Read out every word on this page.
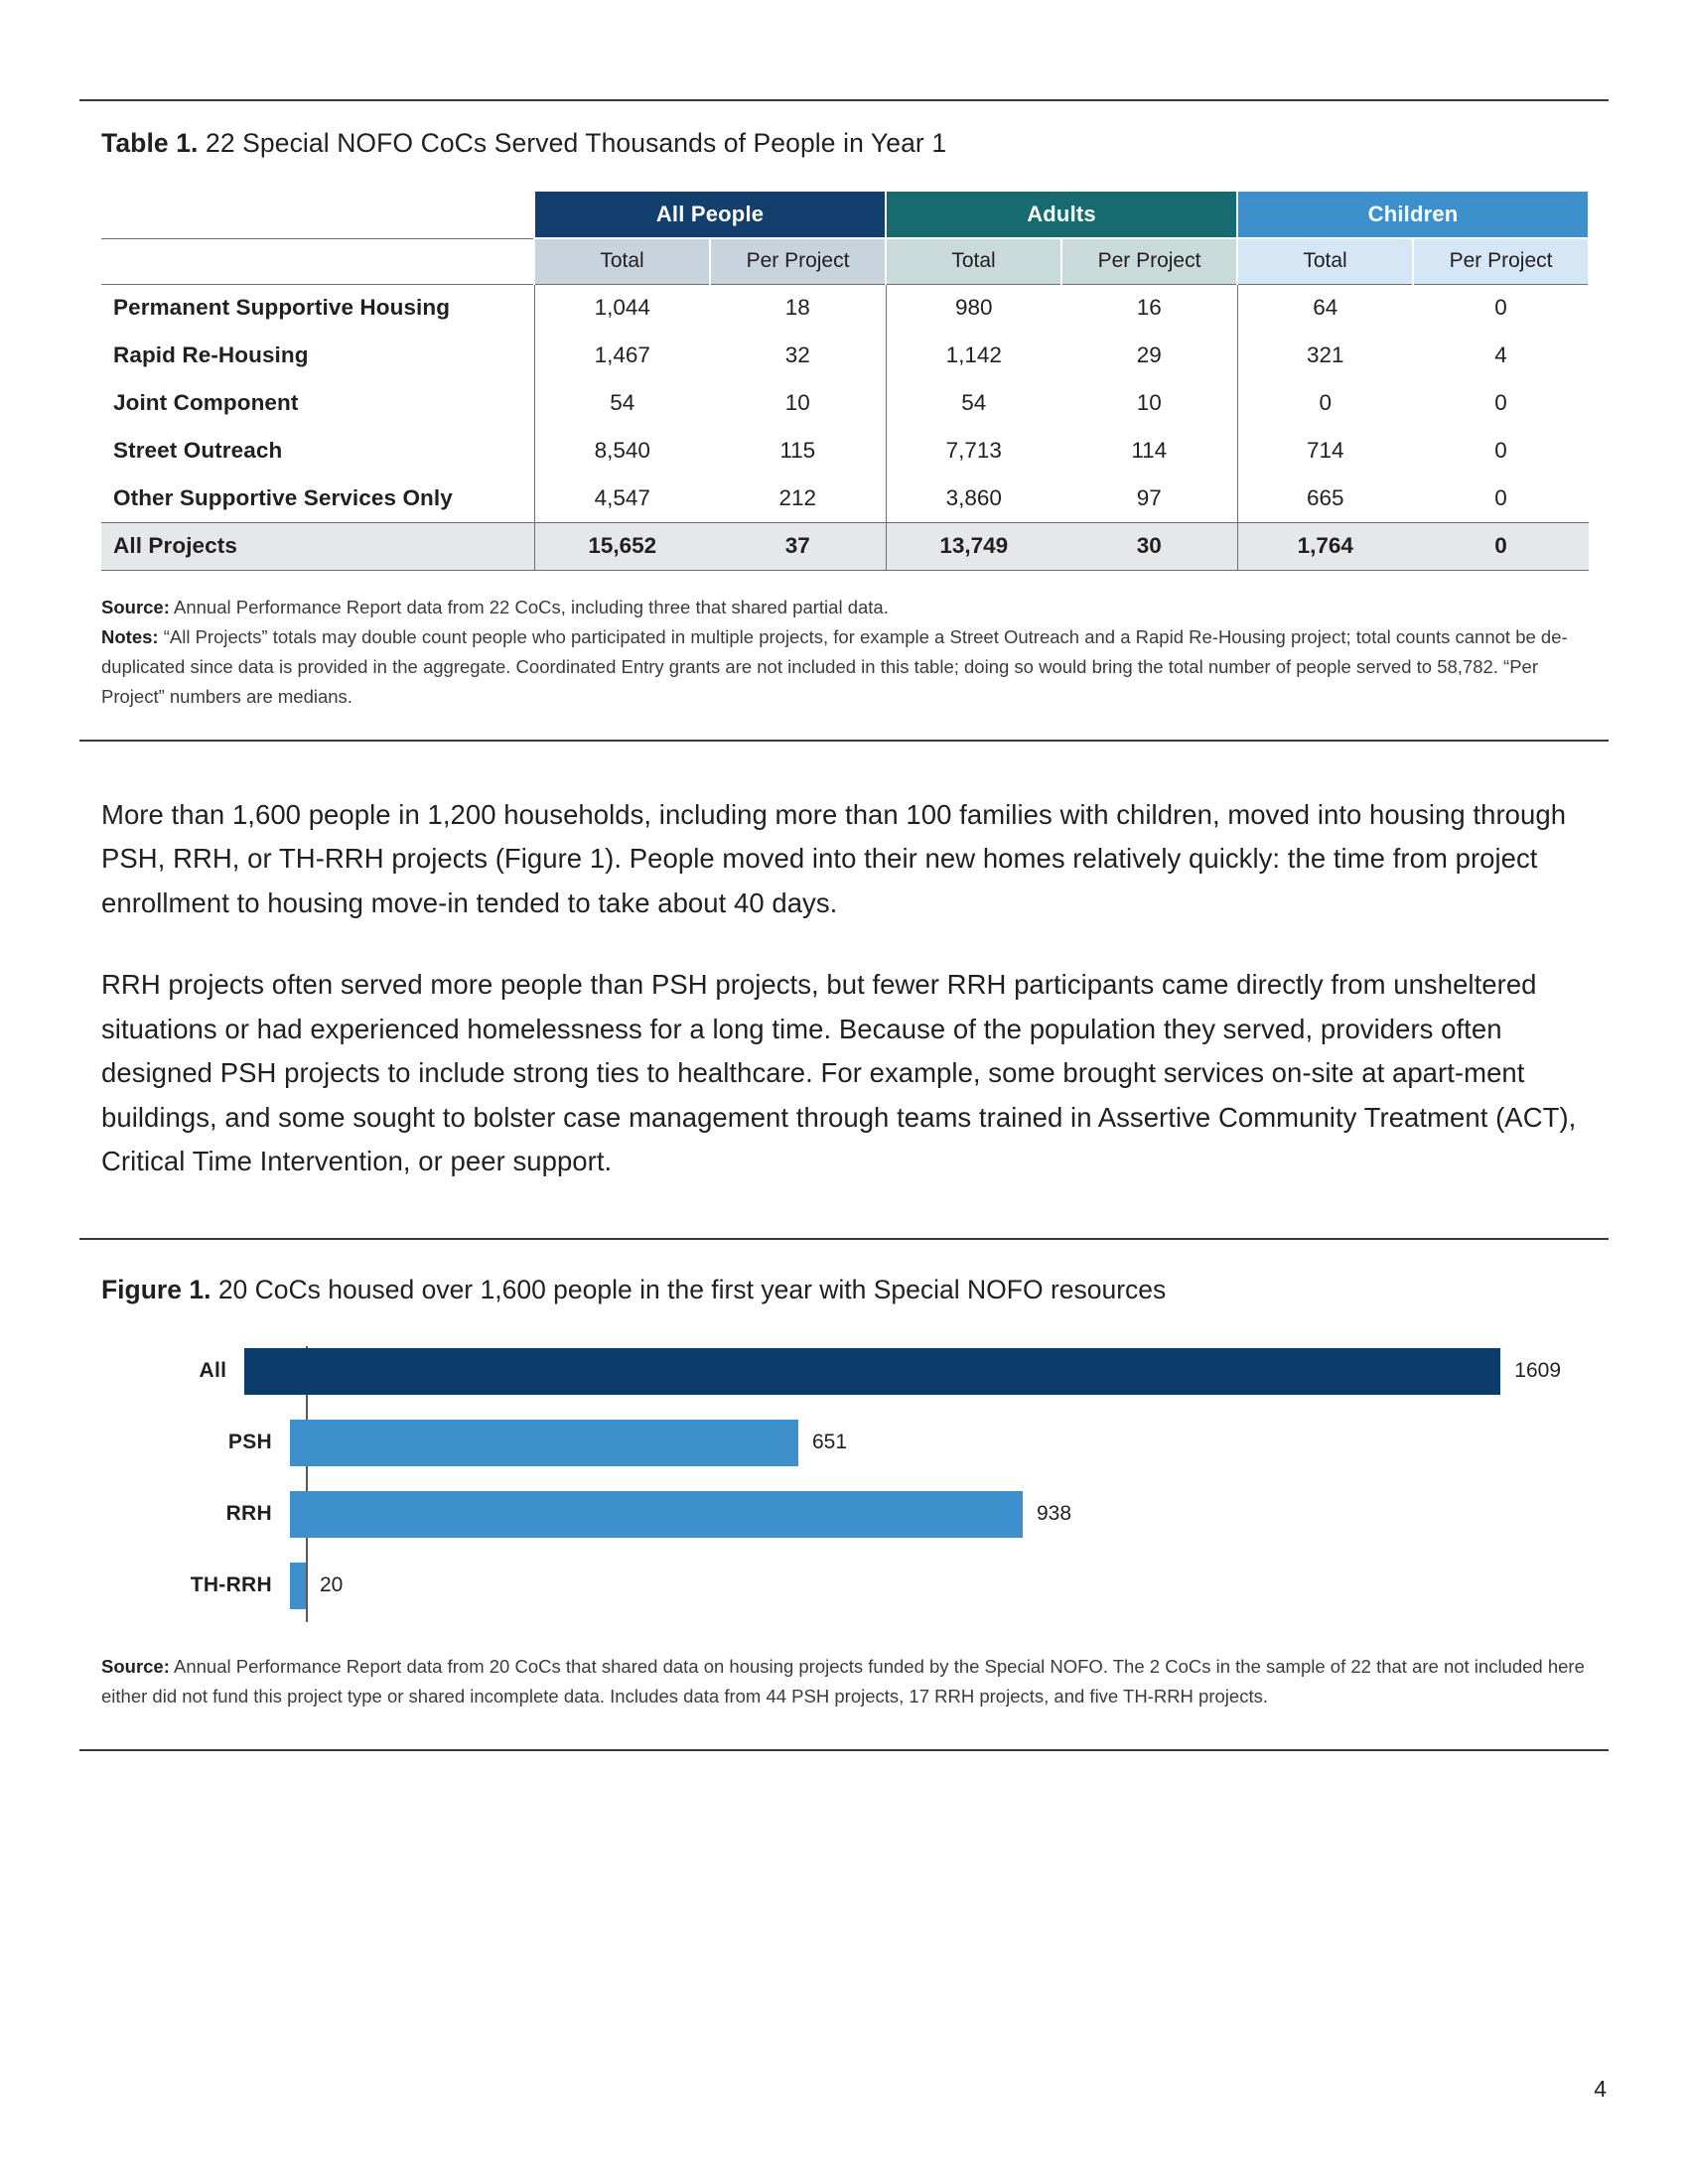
Table 1. 22 Special NOFO CoCs Served Thousands of People in Year 1
	All People		Adults		Children	
	Total	Per Project	Total	Per Project	Total	Per Project
Permanent Supportive Housing	1,044	18	980	16	64	0
Rapid Re-Housing	1,467	32	1,142	29	321	4
Joint Component	54	10	54	10	0	0
Street Outreach	8,540	115	7,713	114	714	0
Other Supportive Services Only	4,547	212	3,860	97	665	0
All Projects	15,652	37	13,749	30	1,764	0
Source: Annual Performance Report data from 22 CoCs, including three that shared partial data.
Notes: “All Projects” totals may double count people who participated in multiple projects, for example a Street Outreach and a Rapid Re-Housing project; total counts cannot be de-duplicated since data is provided in the aggregate. Coordinated Entry grants are not included in this table; doing so would bring the total number of people served to 58,782. “Per Project” numbers are medians.

More than 1,600 people in 1,200 households, including more than 100 families with children, moved into housing through PSH, RRH, or TH-RRH projects (Figure 1). People moved into their new homes relatively quickly: the time from project enrollment to housing move-in tended to take about 40 days.

RRH projects often served more people than PSH projects, but fewer RRH participants came directly from unsheltered situations or had experienced homelessness for a long time. Because of the population they served, providers often designed PSH projects to include strong ties to healthcare. For example, some brought services on-site at apart-ment buildings, and some sought to bolster case management through teams trained in Assertive Community Treatment (ACT), Critical Time Intervention, or peer support.

Figure 1. 20 CoCs housed over 1,600 people in the first year with Special NOFO resources
All	1609
PSH	651
RRH	938
TH-RRH	20
Source: Annual Performance Report data from 20 CoCs that shared data on housing projects funded by the Special NOFO. The 2 CoCs in the sample of 22 that are not included here either did not fund this project type or shared incomplete data. Includes data from 44 PSH projects, 17 RRH projects, and five TH-RRH projects.
4
